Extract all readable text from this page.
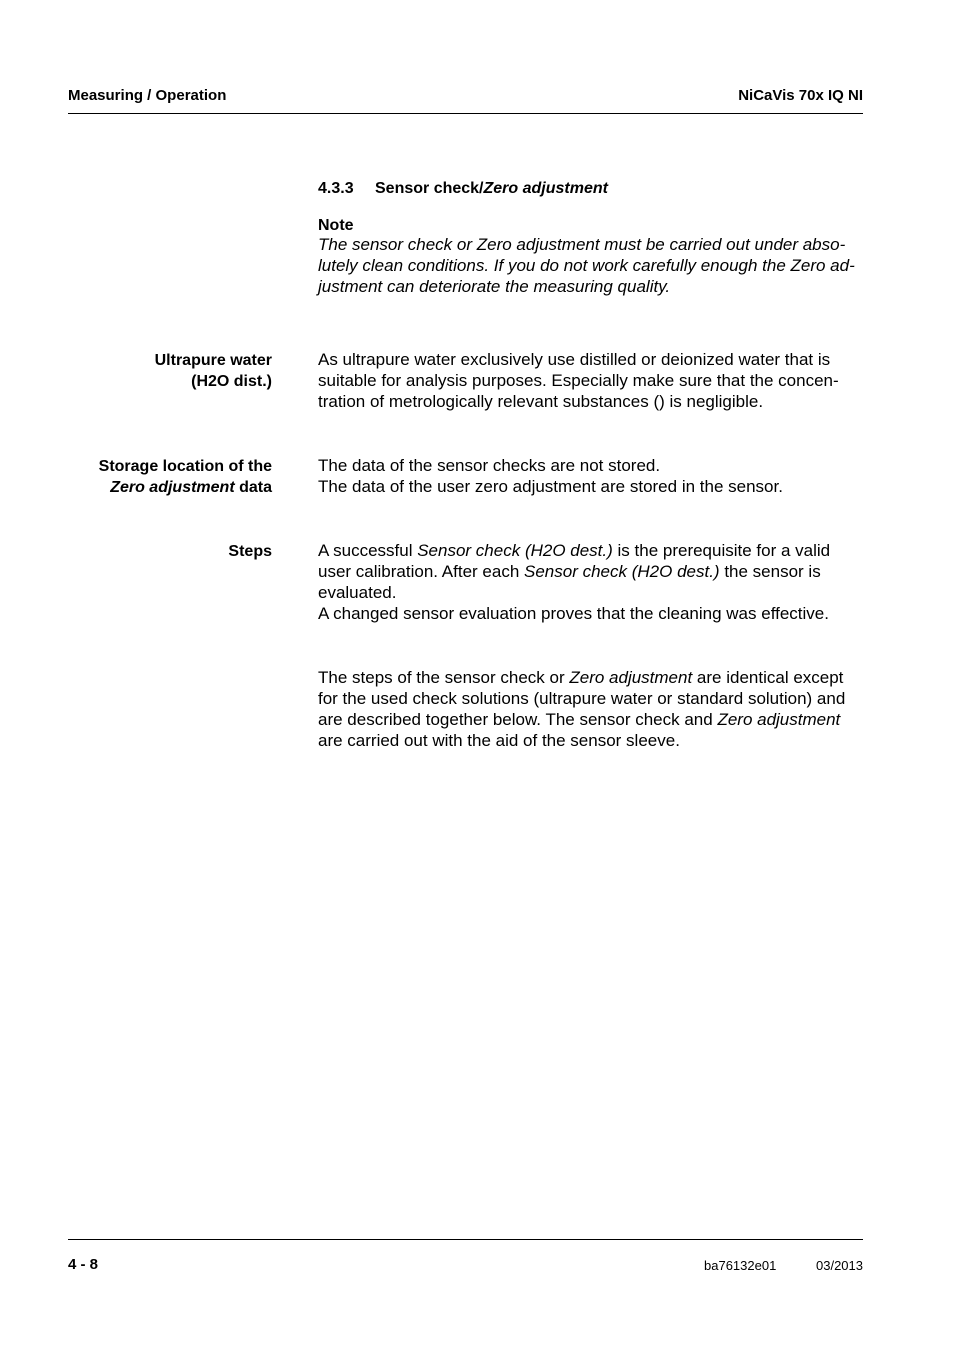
Measuring / Operation	NiCaVis 70x IQ NI
4.3.3 Sensor check/Zero adjustment
Note
The sensor check or Zero adjustment must be carried out under abso-
lutely clean conditions. If you do not work carefully enough the Zero ad-
justment can deteriorate the measuring quality.
Ultrapure water
(H2O dist.)
As ultrapure water exclusively use distilled or deionized water that is
suitable for analysis purposes. Especially make sure that the concen-
tration of metrologically relevant substances () is negligible.
Storage location of the
Zero adjustment data
The data of the sensor checks are not stored.
The data of the user zero adjustment are stored in the sensor.
Steps	A successful Sensor check (H2O dest.) is the prerequisite for a valid
user calibration. After each Sensor check (H2O dest.) the sensor is
evaluated.
A changed sensor evaluation proves that the cleaning was effective.
The steps of the sensor check or Zero adjustment are identical except
for the used check solutions (ultrapure water or standard solution) and
are described together below. The sensor check and Zero adjustment
are carried out with the aid of the sensor sleeve.
4 - 8	ba76132e01	03/2013
